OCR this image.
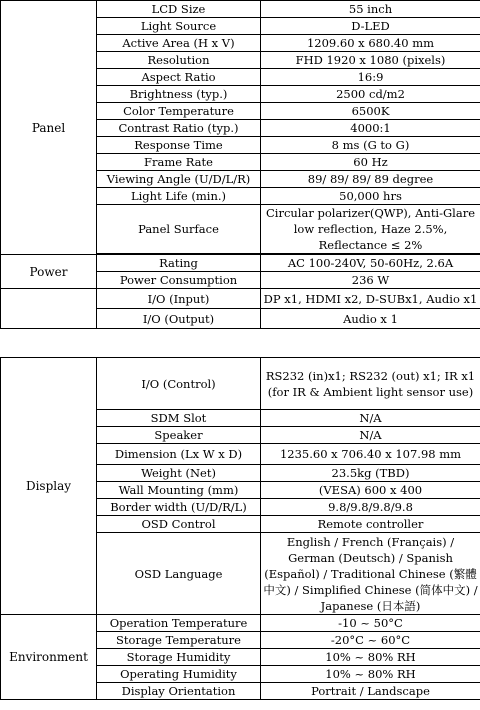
Panel	LCD Size	55 inch
	Light Source	D-LED
	Active Area (H x V)	1209.60 x 680.40 mm
	Resolution	FHD 1920 x 1080 (pixels)
	Aspect Ratio	16:9
	Brightness (typ.)	2500 cd/m2
	Color Temperature	6500K
	Contrast Ratio (typ.)	4000:1
	Response Time	8 ms (G to G)
	Frame Rate	60 Hz
	Viewing Angle (U/D/L/R)	89/ 89/ 89/ 89 degree
	Light Life (min.)	50,000 hrs
	Panel Surface	Circular polarizer(QWP), Anti-Glare low reflection, Haze 2.5%, Reflectance ≤ 2%

Power	Rating	AC 100-240V, 50-60Hz, 2.6A
	Power Consumption	236 W
	I/O (Input)	DP x1, HDMI x2, D-SUBx1, Audio x1
	I/O (Output)	Audio x 1
Display	I/O (Control)	RS232 (in)x1; RS232 (out) x1; IR x1 (for IR & Ambient light sensor use)
	SDM Slot	N/A
	Speaker	N/A
	Dimension (Lx W x D)	1235.60 x 706.40 x 107.98 mm
	Weight (Net)	23.5kg (TBD)
	Wall Mounting (mm)	(VESA) 600 x 400
	Border width (U/D/R/L)	9.8/9.8/9.8/9.8
	OSD Control	Remote controller
	OSD Language	English / French (Français) / German (Deutsch) / Spanish (Español) / Traditional Chinese (繁體中文) / Simplified Chinese (简体中文) / Japanese (日本語)
Environment	Operation Temperature	-10 ~ 50°C
	Storage Temperature	-20°C ~ 60°C
	Storage Humidity	10% ~ 80% RH
	Operating Humidity	10% ~ 80% RH
	Display Orientation	Portrait / Landscape
